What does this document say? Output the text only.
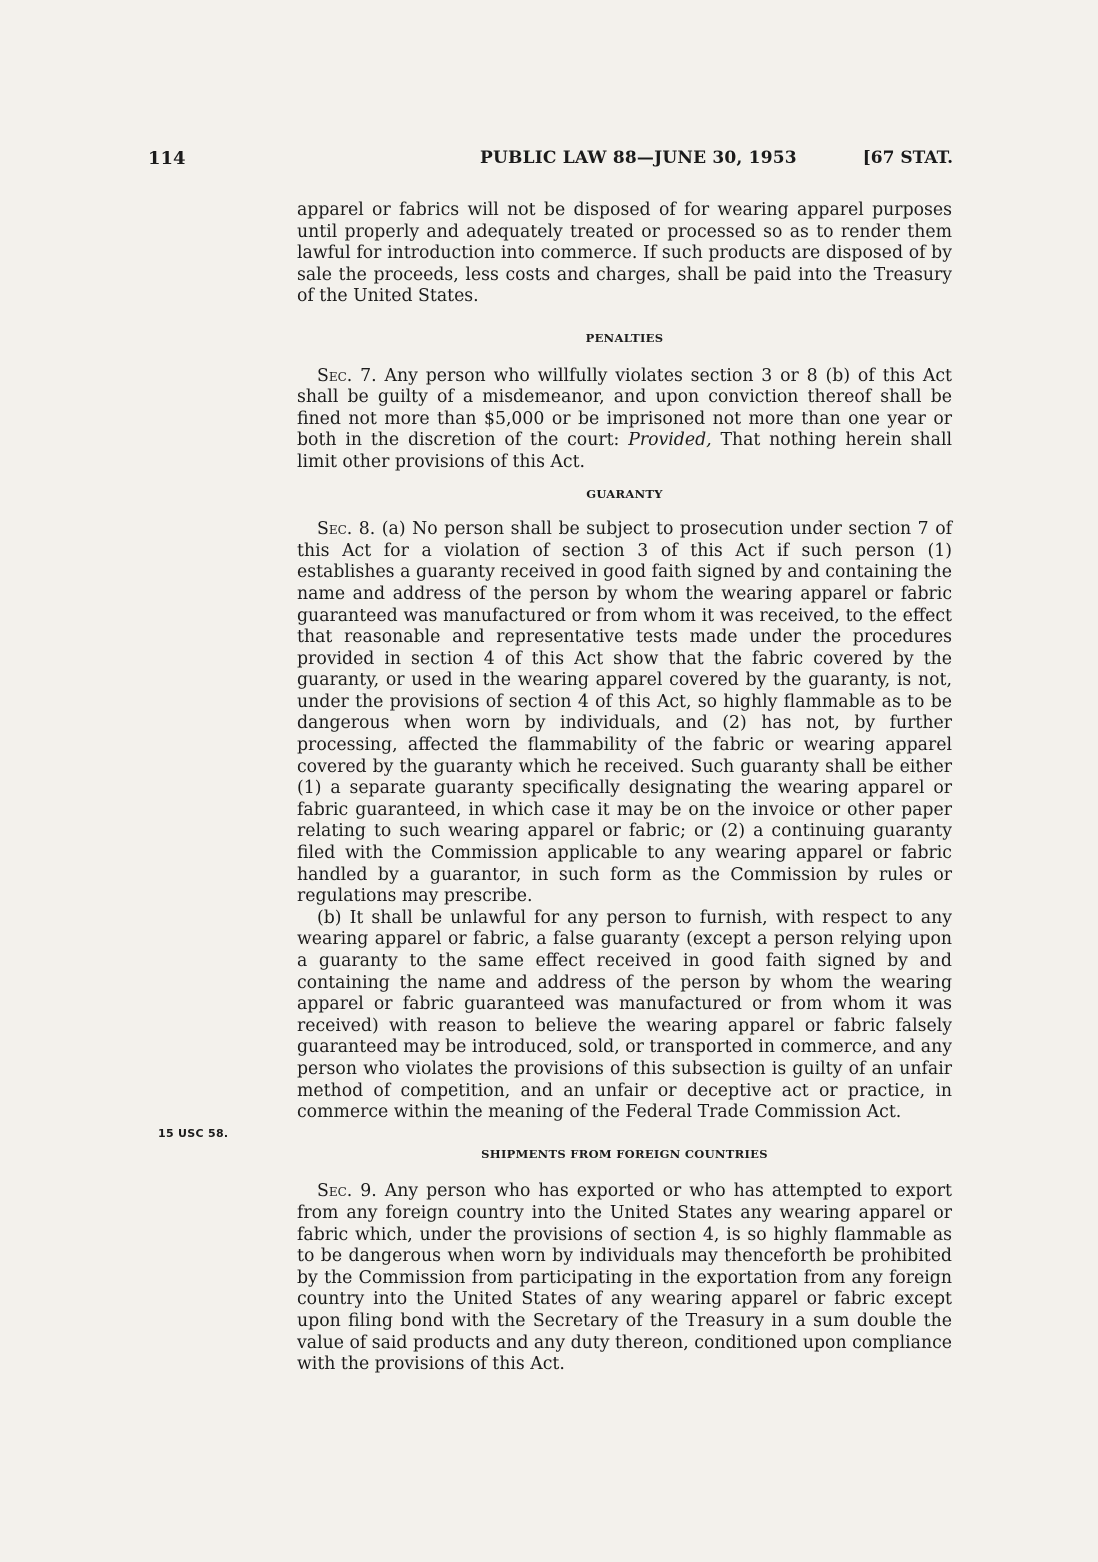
114	PUBLIC LAW 88—JUNE 30, 1953	[67 STAT.

apparel or fabrics will not be disposed of for wearing apparel purposes until properly and adequately treated or processed so as to render them lawful for introduction into commerce. If such products are disposed of by sale the proceeds, less costs and charges, shall be paid into the Treasury of the United States.

PENALTIES

Sec. 7. Any person who willfully violates section 3 or 8 (b) of this Act shall be guilty of a misdemeanor, and upon conviction thereof shall be fined not more than $5,000 or be imprisoned not more than one year or both in the discretion of the court: Provided, That nothing herein shall limit other provisions of this Act.

GUARANTY

Sec. 8. (a) No person shall be subject to prosecution under section 7 of this Act for a violation of section 3 of this Act if such person (1) establishes a guaranty received in good faith signed by and containing the name and address of the person by whom the wearing apparel or fabric guaranteed was manufactured or from whom it was received, to the effect that reasonable and representative tests made under the procedures provided in section 4 of this Act show that the fabric covered by the guaranty, or used in the wearing apparel covered by the guaranty, is not, under the provisions of section 4 of this Act, so highly flammable as to be dangerous when worn by individuals, and (2) has not, by further processing, affected the flammability of the fabric or wearing apparel covered by the guaranty which he received. Such guaranty shall be either (1) a separate guaranty specifically designating the wearing apparel or fabric guaranteed, in which case it may be on the invoice or other paper relating to such wearing apparel or fabric; or (2) a continuing guaranty filed with the Commission applicable to any wearing apparel or fabric handled by a guarantor, in such form as the Commission by rules or regulations may prescribe.

(b) It shall be unlawful for any person to furnish, with respect to any wearing apparel or fabric, a false guaranty (except a person relying upon a guaranty to the same effect received in good faith signed by and containing the name and address of the person by whom the wearing apparel or fabric guaranteed was manufactured or from whom it was received) with reason to believe the wearing apparel or fabric falsely guaranteed may be introduced, sold, or transported in commerce, and any person who violates the provisions of this subsection is guilty of an unfair method of competition, and an unfair or deceptive act or practice, in commerce within the meaning of the Federal Trade Commission Act.

SHIPMENTS FROM FOREIGN COUNTRIES

Sec. 9. Any person who has exported or who has attempted to export from any foreign country into the United States any wearing apparel or fabric which, under the provisions of section 4, is so highly flammable as to be dangerous when worn by individuals may thenceforth be prohibited by the Commission from participating in the exportation from any foreign country into the United States of any wearing apparel or fabric except upon filing bond with the Secretary of the Treasury in a sum double the value of said products and any duty thereon, conditioned upon compliance with the provisions of this Act.

15 USC 58.
